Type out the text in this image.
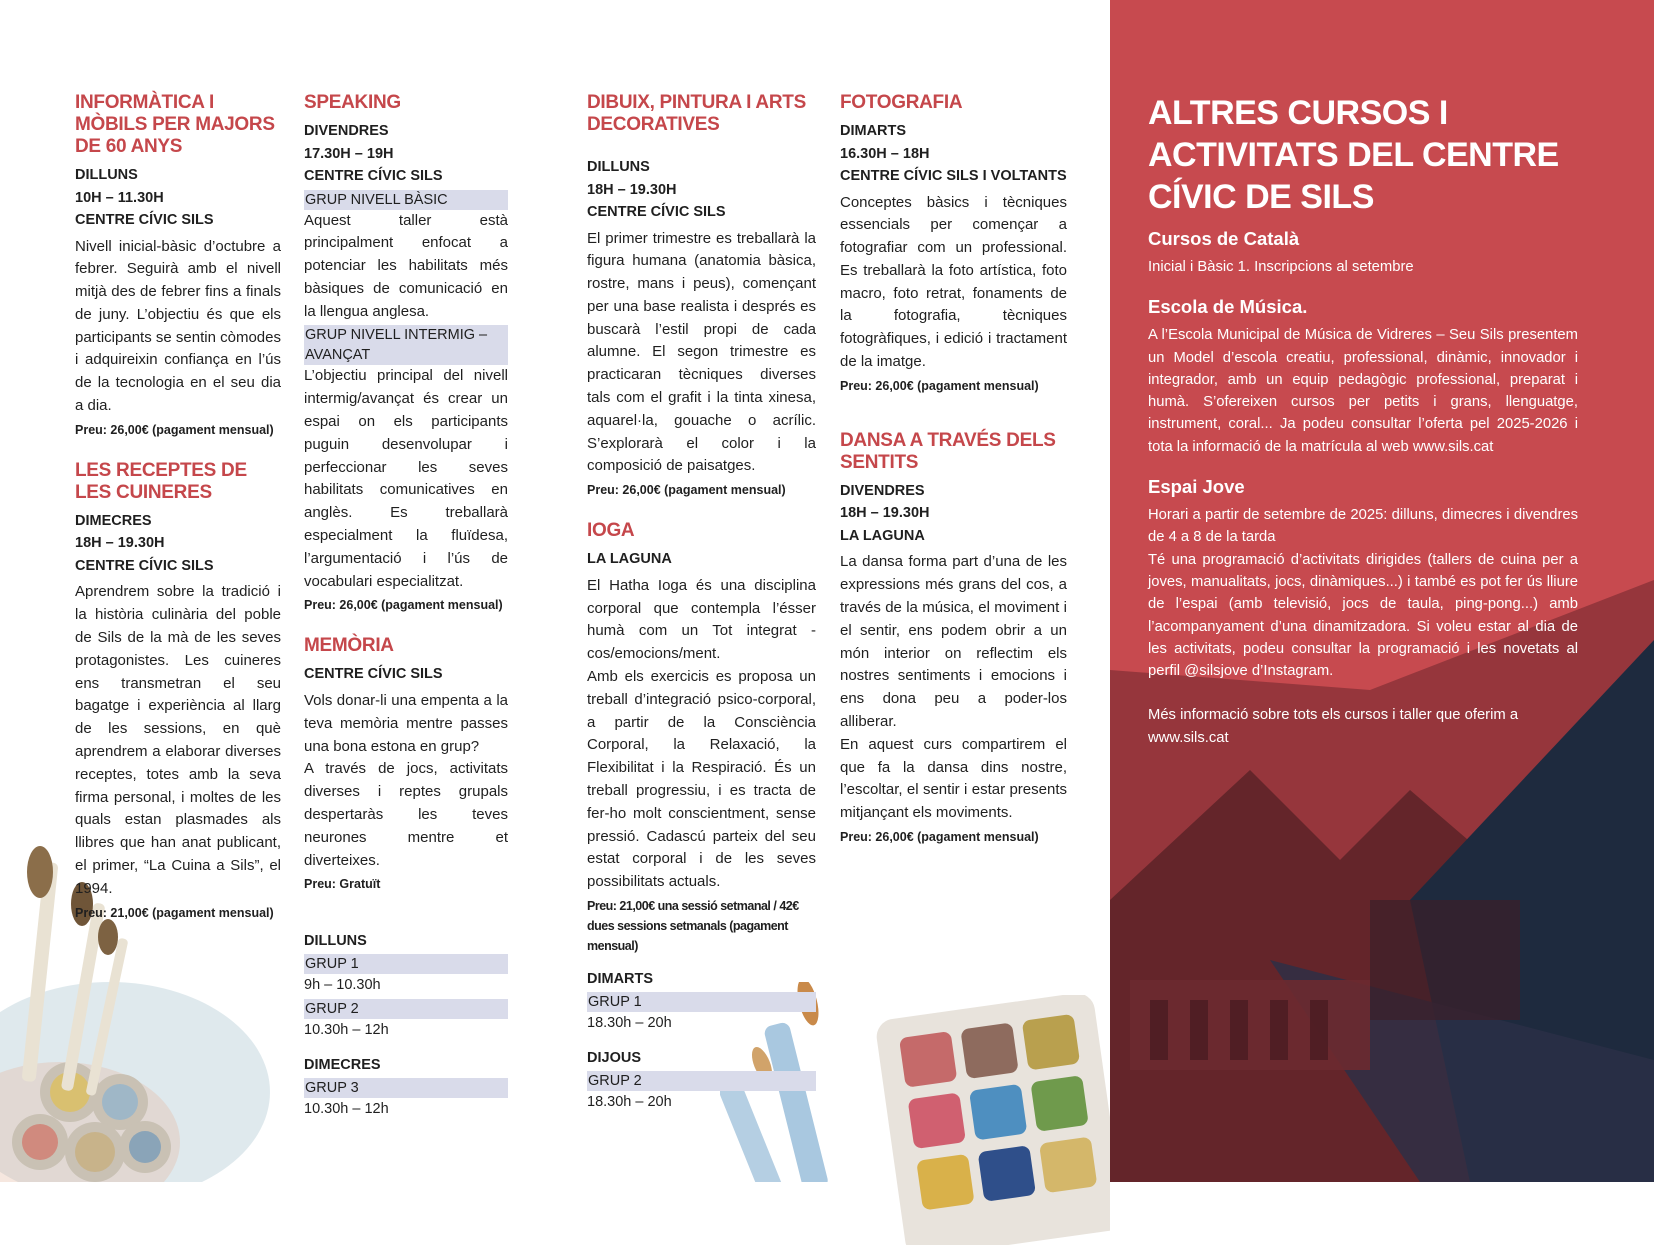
INFORMÀTICA I MÒBILS PER MAJORS DE 60 ANYS

DILLUNS

10H – 11.30H

CENTRE CÍVIC SILS

Nivell inicial-bàsic d’octubre a febrer. Seguirà amb el nivell mitjà des de febrer fins a finals de juny. L’objectiu és que els participants se sentin còmodes i adquireixin confiança en l’ús de la tecnologia en el seu dia a dia.

Preu: 26,00€ (pagament mensual)

LES RECEPTES DE LES CUINERES

DIMECRES

18H – 19.30H

CENTRE CÍVIC SILS

Aprendrem sobre la tradició i la història culinària del poble de Sils de la mà de les seves protagonistes. Les cuineres ens transmetran el seu bagatge i experiència al llarg de les sessions, en què aprendrem a elaborar diverses receptes, totes amb la seva firma personal, i moltes de les quals estan plasmades als llibres que han anat publicant, el primer, “La Cuina a Sils”, el 1994.

Preu: 21,00€ (pagament mensual)

SPEAKING

DIVENDRES

17.30H – 19H

CENTRE CÍVIC SILS

GRUP NIVELL BÀSIC

Aquest taller està principalment enfocat a potenciar les habilitats més bàsiques de comunicació en la llengua anglesa.

GRUP NIVELL INTERMIG – AVANÇAT

L’objectiu principal del nivell intermig/avançat és crear un espai on els participants puguin desenvolupar i perfeccionar les seves habilitats comunicatives en anglès. Es treballarà especialment la fluïdesa, l’argumentació i l’ús de vocabulari especialitzat.

Preu: 26,00€ (pagament mensual)

MEMÒRIA

CENTRE CÍVIC SILS

Vols donar-li una empenta a la teva memòria mentre passes una bona estona en grup?

A través de jocs, activitats diverses i reptes grupals despertaràs les teves neurones mentre et diverteixes.

Preu: Gratuït

DILLUNS
GRUP 1
9h – 10.30h
GRUP 2
10.30h – 12h
DIMECRES
GRUP 3
10.30h – 12h
DIBUIX, PINTURA I ARTS DECORATIVES

DILLUNS

18H – 19.30H

CENTRE CÍVIC SILS

El primer trimestre es treballarà la figura humana (anatomia bàsica, rostre, mans i peus), començant per una base realista i després es buscarà l’estil propi de cada alumne. El segon trimestre es practicaran tècniques diverses tals com el grafit i la tinta xinesa, aquarel·la, gouache o acrílic. S’explorarà el color i la composició de paisatges.

Preu: 26,00€ (pagament mensual)

IOGA

LA LAGUNA

El Hatha Ioga és una disciplina corporal que contempla l’ésser humà com un Tot integrat -cos/emocions/ment.

Amb els exercicis es proposa un treball d’integració psico-corporal, a partir de la Consciència Corporal, la Relaxació, la Flexibilitat i la Respiració. És un treball progressiu, i es tracta de fer-ho molt conscientment, sense pressió. Cadascú parteix del seu estat corporal i de les seves possibilitats actuals.

Preu: 21,00€ una sessió setmanal / 42€ dues sessions setmanals (pagament mensual)

DIMARTS
GRUP 1
18.30h – 20h
DIJOUS
GRUP 2
18.30h – 20h
FOTOGRAFIA

DIMARTS

16.30H – 18H

CENTRE CÍVIC SILS I VOLTANTS

Conceptes bàsics i tècniques essencials per començar a fotografiar com un professional. Es treballarà la foto artística, foto macro, foto retrat, fonaments de la fotografia, tècniques fotogràfiques, i edició i tractament de la imatge.

Preu: 26,00€ (pagament mensual)

DANSA A TRAVÉS DELS SENTITS

DIVENDRES

18H – 19.30H

LA LAGUNA

La dansa forma part d’una de les expressions més grans del cos, a través de la música, el moviment i el sentir, ens podem obrir a un món interior on reflectim els nostres sentiments i emocions i ens dona peu a poder-los alliberar.

En aquest curs compartirem el que fa la dansa dins nostre, l’escoltar, el sentir i estar presents mitjançant els moviments.

Preu: 26,00€ (pagament mensual)

ALTRES CURSOS I ACTIVITATS DEL CENTRE CÍVIC DE SILS
Cursos de Català

Inicial i Bàsic 1. Inscripcions al setembre

Escola de Música.

A l’Escola Municipal de Música de Vidreres – Seu Sils presentem un Model d’escola creatiu, professional, dinàmic, innovador i integrador, amb un equip pedagògic professional, preparat i humà. S’ofereixen cursos per petits i grans, llenguatge, instrument, coral... Ja podeu consultar l’oferta pel 2025-2026 i tota la informació de la matrícula al web www.sils.cat

Espai Jove

Horari a partir de setembre de 2025: dilluns, dimecres i divendres de 4 a 8 de la tarda

Té una programació d’activitats dirigides (tallers de cuina per a joves, manualitats, jocs, dinàmiques...) i també es pot fer ús lliure de l’espai (amb televisió, jocs de taula, ping-pong...) amb l’acompanyament d’una dinamitzadora. Si voleu estar al dia de les activitats, podeu consultar la programació i les novetats al perfil @silsjove d’Instagram.

Més informació sobre tots els cursos i taller que oferim a www.sils.cat
